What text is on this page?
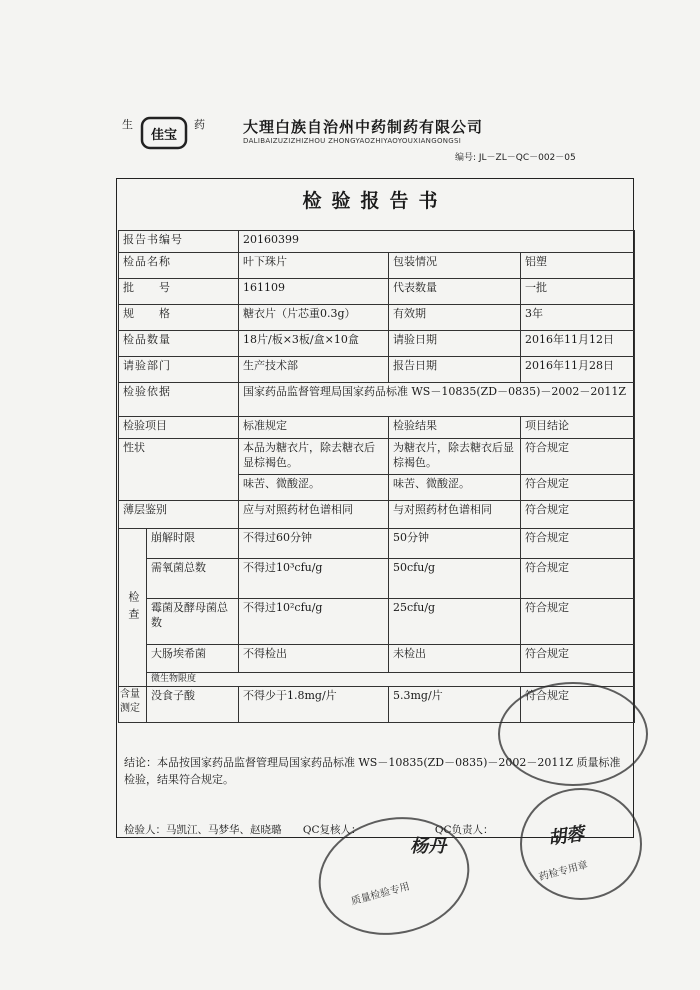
生	药
佳宝	大理白族自治州中药制药有限公司
DALIBAIZUZIZHIZHOU ZHONGYAOZHIYAOYOUXIANGONGSI
编号: JL－ZL－QC－002－05
检验报告书
报告书编号		20160399		
检品名称		叶下珠片	包装情况	铝塑
批　　号		161109	代表数量	一批
规　　格		糖衣片（片芯重0.3g）	有效期	3年
检品数量		18片/板×3板/盒×10盒	请验日期	2016年11月12日
请验部门		生产技术部	报告日期	2016年11月28日
检验依据		国家药品监督管理局国家药品标准 WS－10835(ZD－0835)－2002－2011Z		
检验项目		标准规定	检验结果	项目结论
性状		本品为糖衣片，除去糖衣后显棕褐色。	为糖衣片，除去糖衣后显棕褐色。	符合规定
		味苦、微酸涩。	味苦、微酸涩。	符合规定
薄层鉴别		应与对照药材色谱相同	与对照药材色谱相同	符合规定
检查	崩解时限	不得过60分钟	50分钟	符合规定
	需氧菌总数	不得过10³cfu/g	50cfu/g	符合规定
	霉菌及酵母菌总数	不得过10²cfu/g	25cfu/g	符合规定
	大肠埃希菌	不得检出	未检出	符合规定
	微生物限度			
含量测定	没食子酸	不得少于1.8mg/片	5.3mg/片	符合规定
结论：本品按国家药品监督管理局国家药品标准 WS－10835(ZD－0835)－2002－2011Z 质量标准检验，结果符合规定。
检验人：马凯江、马梦华、赵晓璐 QC复核人：	QC负责人：
杨丹	胡蓉
质量检验专用
药检专用章
